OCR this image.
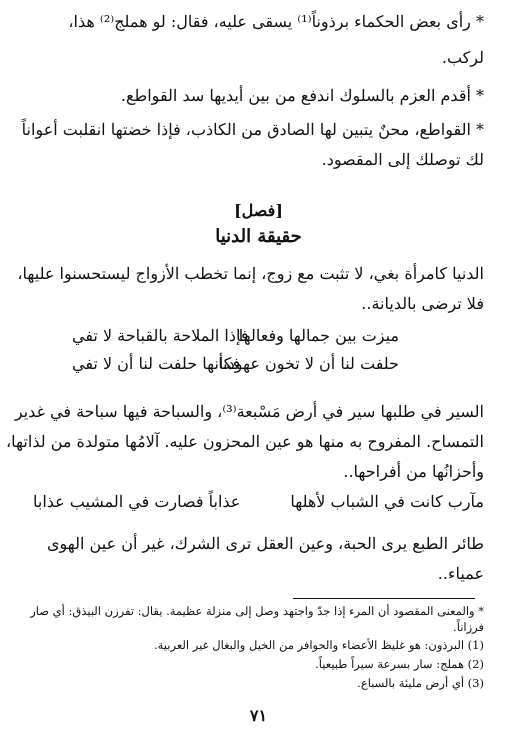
* رأى بعض الحكماء برذوناً⁽¹⁾ يسقى عليه، فقال: لو هملج⁽²⁾ هذا،
لركب.
* أقدم العزم بالسلوك اندفع من بين أيديها سد القواطع.
* القواطع، محنٌ يتبين لها الصادق من الكاذب، فإذا خضتها انقلبت أعواناً
لك توصلك إلى المقصود.
[فصل]
حقيقة الدنيا
الدنيا كامرأة بغي، لا تثبت مع زوج، إنما تخطب الأزواج ليستحسنوا عليها،
فلا ترضى بالديانة..
ميزت بين جمالها وفعالها
فإذا الملاحة بالقباحة لا تفي
حلفت لنا أن لا تخون عهودنا
فكأنها حلفت لنا أن لا تفي
السير في طلبها سير في أرض مَسْبعة⁽³⁾، والسباحة فيها سباحة في غدير
التمساح. المفروح به منها هو عين المحزون عليه. آلامُها متولدة من لذاتها،
وأحزانُها من أفراحها..
مآرب كانت في الشباب لأهلها
عذاباً فصارت في المشيب عذابا
طائر الطبع يرى الحبة، وعين العقل ترى الشرك، غير أن عين الهوى
عمياء..
* والمعنى المقصود أن المرء إذا جدّ واجتهد وصل إلى منزلة عظيمة. يقال: تفرزن البيذق: أي صار
فرزاناً.
(1) البرذون: هو غليظ الأعضاء والحوافر من الخيل والبغال غير العربية.
(2) هملج: سار بسرعة سيراً طبيعياً.
(3) أي أرض مليئة بالسباع.
٧١
